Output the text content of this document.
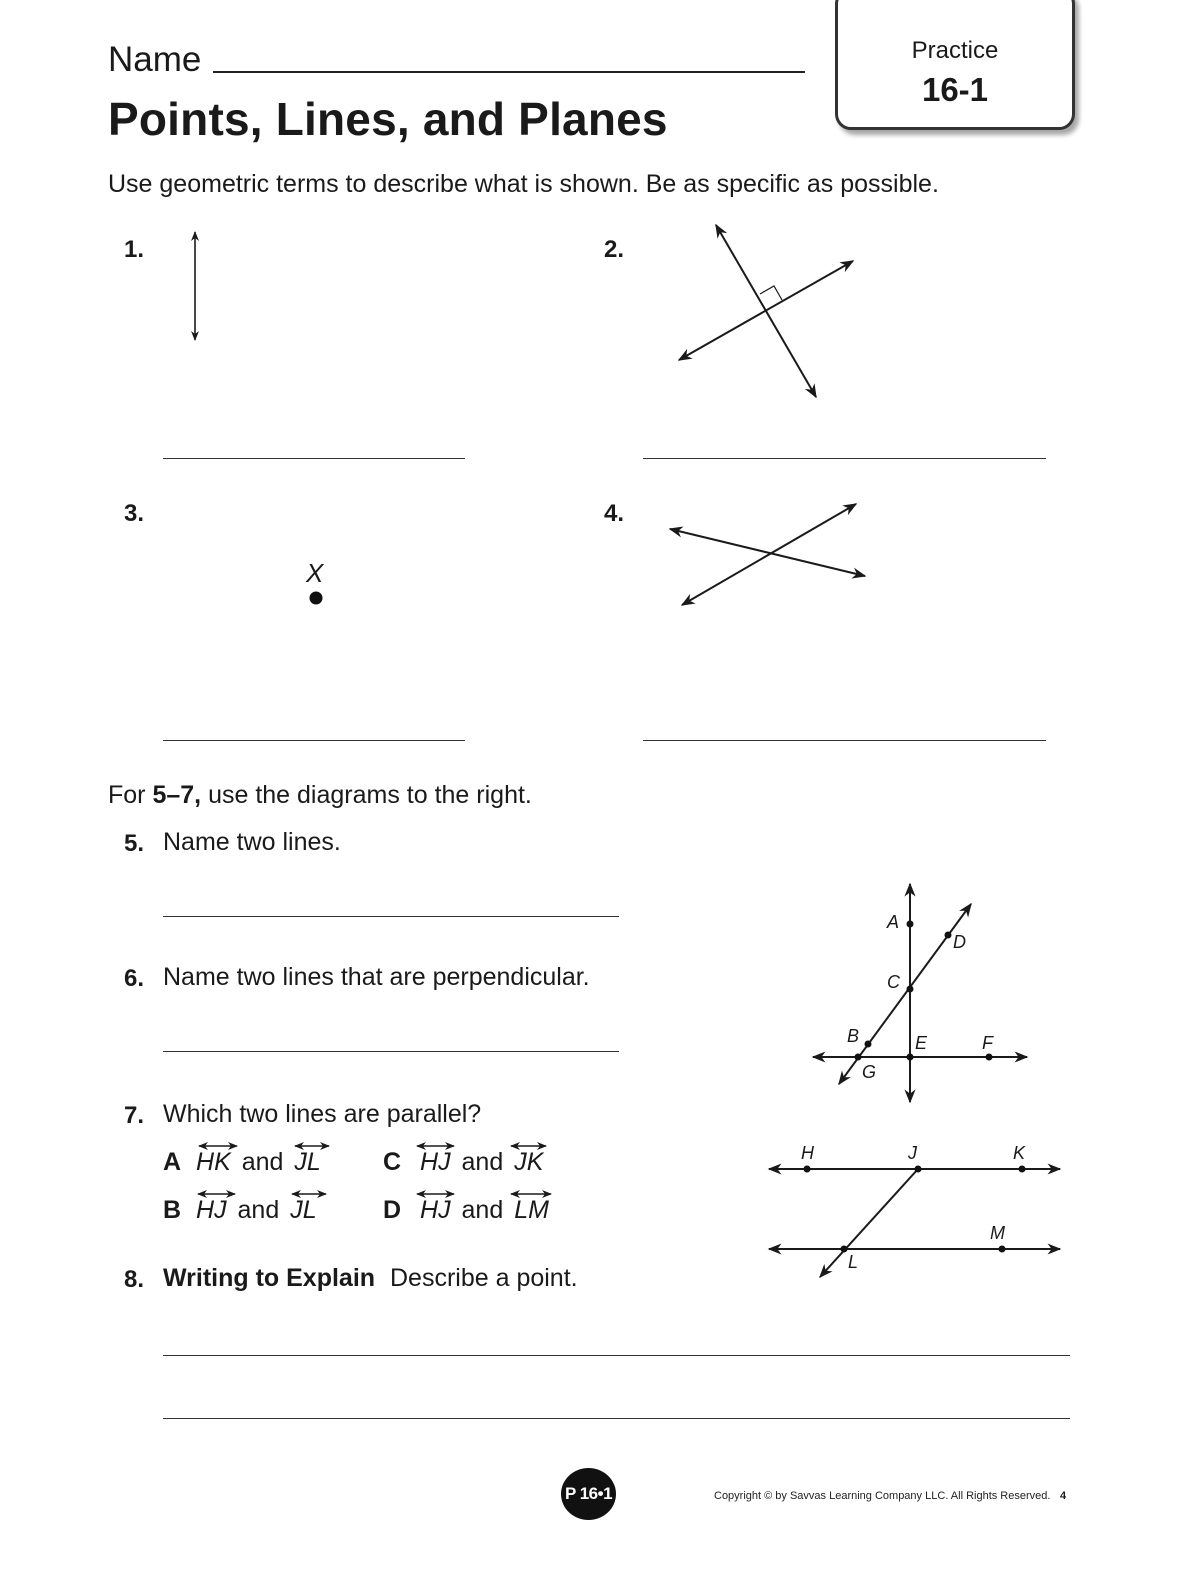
Name
Points, Lines, and Planes
Practice
16-1
Use geometric terms to describe what is shown. Be as specific as possible.
1.	2.
3.	4.
X
A
D
C
B	E	F
G
H	J	K
M
L
For 5–7, use the diagrams to the right.
5. Name two lines.
6. Name two lines that are perpendicular.
7. Which two lines are parallel?
A HK and JL C HJ and JK
B HJ and JL	D HJ and LM
8. Writing to Explain Describe a point.
P 16•1	Copyright © by Savvas Learning Company LLC. All Rights Reserved. 4
